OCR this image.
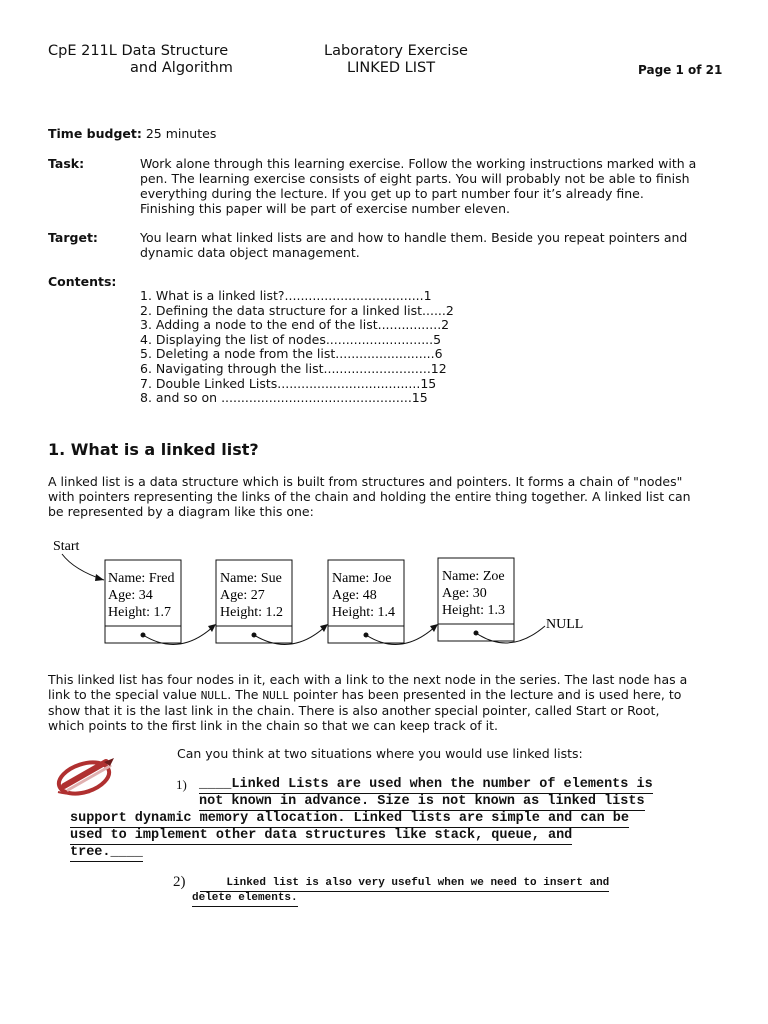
CpE 211L Data Structure
and Algorithm
Laboratory Exercise
LINKED LIST	Page 1 of 21
Time budget: 25 minutes
Task:	Work alone through this learning exercise. Follow the working instructions marked with a
pen. The learning exercise consists of eight parts. You will probably not be able to finish
everything during the lecture. If you get up to part number four it’s already fine.
Finishing this paper will be part of exercise number eleven.
Target:	You learn what linked lists are and how to handle them. Beside you repeat pointers and
dynamic data object management.
Contents:
1. What is a linked list?...................................1
2. Defining the data structure for a linked list......2
3. Adding a node to the end of the list................2
4. Displaying the list of nodes...........................5
5. Deleting a node from the list.........................6
6. Navigating through the list...........................12
7. Double Linked Lists....................................15
8. and so on ................................................15
1. What is a linked list?
A linked list is a data structure which is built from structures and pointers. It forms a chain of "nodes"
with pointers representing the links of the chain and holding the entire thing together. A linked list can
be represented by a diagram like this one:
Start
Name: Fred
Age: 34
Height: 1.7
Name: Sue
Age: 27
Height: 1.2
Name: Joe
Age: 48
Height: 1.4
Name: Zoe
Age: 30
Height: 1.3
NULL
This linked list has four nodes in it, each with a link to the next node in the series. The last node has a
link to the special value NULL. The NULL pointer has been presented in the lecture and is used here, to
show that it is the last link in the chain. There is also another special pointer, called Start or Root,
which points to the first link in the chain so that we can keep track of it.
Can you think at two situations where you would use linked lists:
1) ____Linked Lists are used when the number of elements is
not known in advance. Size is not known as linked lists
support dynamic memory allocation. Linked lists are simple and can be
used to implement other data structures like stack, queue, and
tree.____
2) Linked list is also very useful when we need to insert and
delete elements.
